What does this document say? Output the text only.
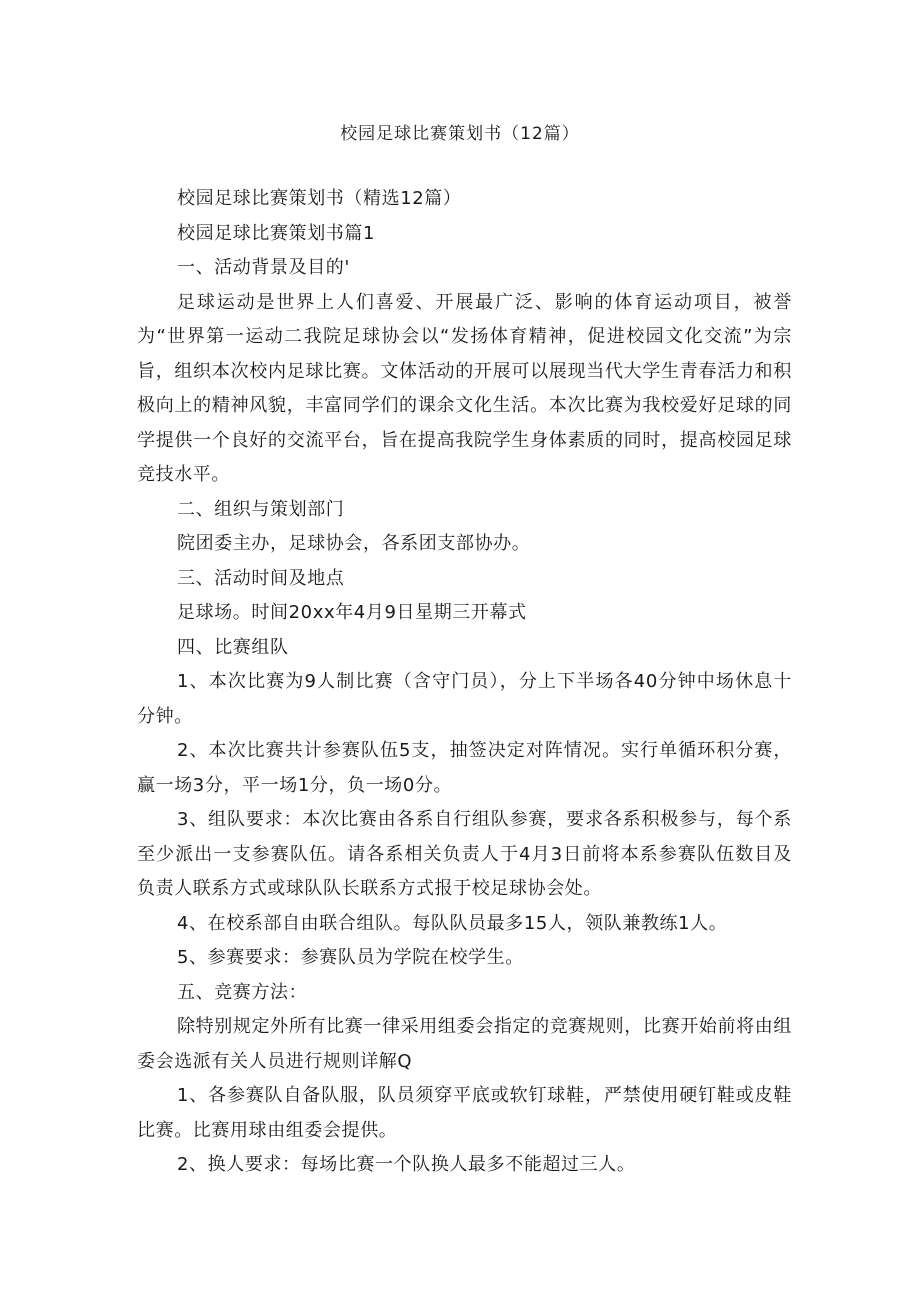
校园足球比赛策划书（12篇）

校园足球比赛策划书（精选12篇）

校园足球比赛策划书篇1

一、活动背景及目的'

足球运动是世界上人们喜爱、开展最广泛、影响的体育运动项目，被誉为“世界第一运动二我院足球协会以“发扬体育精神，促进校园文化交流”为宗旨，组织本次校内足球比赛。文体活动的开展可以展现当代大学生青春活力和积极向上的精神风貌，丰富同学们的课余文化生活。本次比赛为我校爱好足球的同学提供一个良好的交流平台，旨在提高我院学生身体素质的同时，提高校园足球竞技水平。

二、组织与策划部门

院团委主办，足球协会，各系团支部协办。

三、活动时间及地点

足球场。时间20xx年4月9日星期三开幕式

四、比赛组队

1、本次比赛为9人制比赛（含守门员），分上下半场各40分钟中场休息十分钟。

2、本次比赛共计参赛队伍5支，抽签决定对阵情况。实行单循环积分赛，赢一场3分，平一场1分，负一场0分。

3、组队要求：本次比赛由各系自行组队参赛，要求各系积极参与，每个系至少派出一支参赛队伍。请各系相关负责人于4月3日前将本系参赛队伍数目及负责人联系方式或球队队长联系方式报于校足球协会处。

4、在校系部自由联合组队。每队队员最多15人，领队兼教练1人。

5、参赛要求：参赛队员为学院在校学生。

五、竞赛方法：

除特别规定外所有比赛一律采用组委会指定的竞赛规则，比赛开始前将由组委会选派有关人员进行规则详解Q

1、各参赛队自备队服，队员须穿平底或软钉球鞋，严禁使用硬钉鞋或皮鞋比赛。比赛用球由组委会提供。

2、换人要求：每场比赛一个队换人最多不能超过三人。
